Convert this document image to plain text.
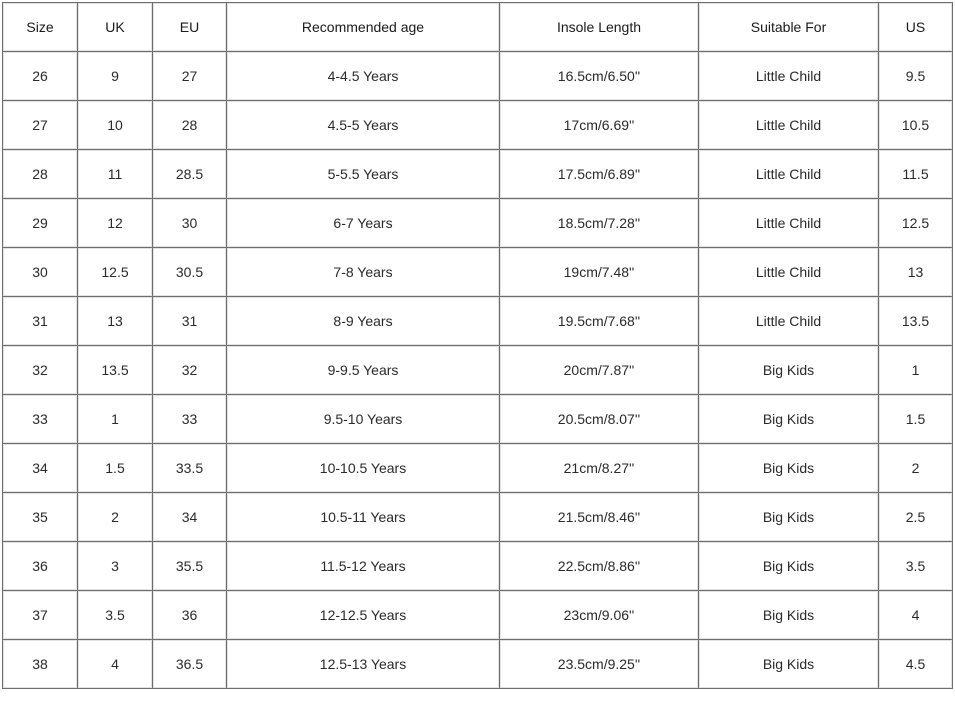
Size	UK	EU	Recommended age	Insole Length	Suitable For	US
26	9	27	4-4.5 Years	16.5cm/6.50''	Little Child	9.5
27	10	28	4.5-5 Years	17cm/6.69''	Little Child	10.5
28	11	28.5	5-5.5 Years	17.5cm/6.89''	Little Child	11.5
29	12	30	6-7 Years	18.5cm/7.28''	Little Child	12.5
30	12.5	30.5	7-8 Years	19cm/7.48''	Little Child	13
31	13	31	8-9 Years	19.5cm/7.68''	Little Child	13.5
32	13.5	32	9-9.5 Years	20cm/7.87''	Big Kids	1
33	1	33	9.5-10 Years	20.5cm/8.07''	Big Kids	1.5
34	1.5	33.5	10-10.5 Years	21cm/8.27''	Big Kids	2
35	2	34	10.5-11 Years	21.5cm/8.46''	Big Kids	2.5
36	3	35.5	11.5-12 Years	22.5cm/8.86''	Big Kids	3.5
37	3.5	36	12-12.5 Years	23cm/9.06''	Big Kids	4
38	4	36.5	12.5-13 Years	23.5cm/9.25''	Big Kids	4.5
